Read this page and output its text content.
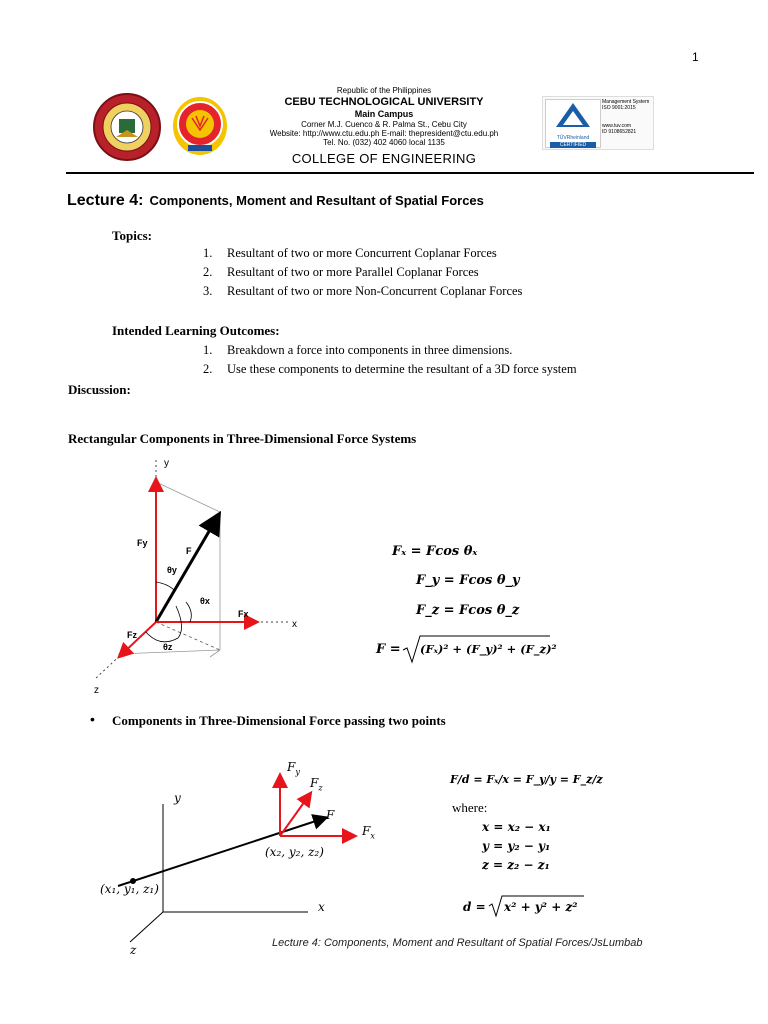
1
Republic of the Philippines
CEBU TECHNOLOGICAL UNIVERSITY
Main Campus
Corner M.J. Cuenco & R. Palma St., Cebu City
Website: http://www.ctu.edu.ph E-mail: thepresident@ctu.edu.ph
Tel. No. (032) 402 4060 local 1135
COLLEGE OF ENGINEERING
TÜVRheinland
CERTIFIED
Management System
ISO 9001:2015
www.tuv.com
ID 9108652821
Lecture 4: Components, Moment and Resultant of Spatial Forces
Topics:
1. Resultant of two or more Concurrent Coplanar Forces
2. Resultant of two or more Parallel Coplanar Forces
3. Resultant of two or more Non-Concurrent Coplanar Forces
Intended Learning Outcomes:
1. Breakdown a force into components in three dimensions.
2. Use these components to determine the resultant of a 3D force system
Discussion:
Rectangular Components in Three-Dimensional Force Systems
y
x
z
Fy
F
Fx
Fz
θy
θx
θz
Fₓ = Fcos θₓ
F_y = Fcos θ_y
F_z = Fcos θ_z
F = (Fₓ)² + (F_y)² + (F_z)²
• Components in Three-Dimensional Force passing two points
y
x
z
$F_y$
$F_z$
F
$F_x$
(x₂, y₂, z₂)
(x₁, y₁, z₁)
F/d = Fₓ/x = F_y/y = F_z/z
where:
x = x₂ − x₁
y = y₂ − y₁
z = z₂ − z₁
d = x² + y² + z²
Lecture 4: Components, Moment and Resultant of Spatial Forces/JsLumbab
